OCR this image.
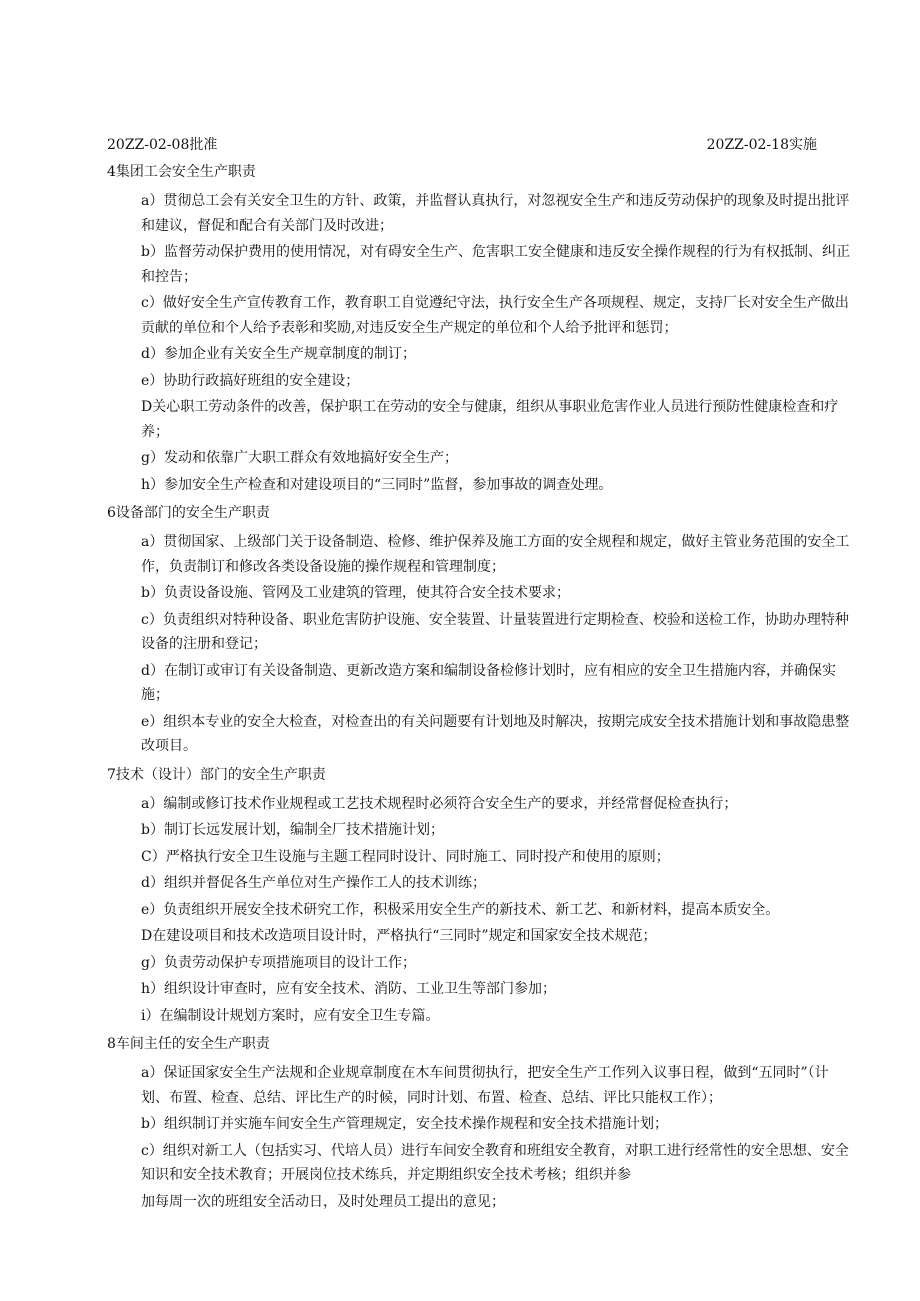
20ZZ-02-08批准	20ZZ-02-18实施
4集团工会安全生产职责
a）贯彻总工会有关安全卫生的方针、政策，并监督认真执行，对忽视安全生产和违反劳动保护的现象及时提出批评和建议，督促和配合有关部门及时改进；
b）监督劳动保护费用的使用情况，对有碍安全生产、危害职工安全健康和违反安全操作规程的行为有权抵制、纠正和控告；
c）做好安全生产宣传教育工作，教育职工自觉遵纪守法，执行安全生产各项规程、规定，支持厂长对安全生产做出贡献的单位和个人给予表彰和奖励,对违反安全生产规定的单位和个人给予批评和惩罚；
d）参加企业有关安全生产规章制度的制订；
e）协助行政搞好班组的安全建设；
D关心职工劳动条件的改善，保护职工在劳动的安全与健康，组织从事职业危害作业人员进行预防性健康检查和疗养；
g）发动和依靠广大职工群众有效地搞好安全生产；
h）参加安全生产检查和对建设项目的“三同时”监督，参加事故的调查处理。
6设备部门的安全生产职责
a）贯彻国家、上级部门关于设备制造、检修、维护保养及施工方面的安全规程和规定，做好主管业务范围的安全工作，负责制订和修改各类设备设施的操作规程和管理制度；
b）负责设备设施、管网及工业建筑的管理，使其符合安全技术要求；
c）负责组织对特种设备、职业危害防护设施、安全装置、计量装置进行定期检查、校验和送检工作，协助办理特种设备的注册和登记；
d）在制订或审订有关设备制造、更新改造方案和编制设备检修计划时，应有相应的安全卫生措施内容，并确保实施；
e）组织本专业的安全大检查，对检查出的有关问题要有计划地及时解决，按期完成安全技术措施计划和事故隐患整改项目。
7技术（设计）部门的安全生产职责
a）编制或修订技术作业规程或工艺技术规程时必须符合安全生产的要求，并经常督促检查执行；
b）制订长远发展计划，编制全厂技术措施计划；
C）严格执行安全卫生设施与主题工程同时设计、同时施工、同时投产和使用的原则；
d）组织并督促各生产单位对生产操作工人的技术训练；
e）负责组织开展安全技术研究工作，积极采用安全生产的新技术、新工艺、和新材料，提高本质安全。
D在建设项目和技术改造项目设计时，严格执行“三同时”规定和国家安全技术规范；
g）负责劳动保护专项措施项目的设计工作；
h）组织设计审查时，应有安全技术、消防、工业卫生等部门参加；
i）在编制设计规划方案时，应有安全卫生专篇。
8车间主任的安全生产职责
a）保证国家安全生产法规和企业规章制度在木车间贯彻执行，把安全生产工作列入议事日程，做到“五同时”（计划、布置、检查、总结、评比生产的时候，同时计划、布置、检查、总结、评比只能权工作）；
b）组织制订并实施车间安全生产管理规定，安全技术操作规程和安全技术措施计划；
c）组织对新工人（包括实习、代培人员）进行车间安全教育和班组安全教育，对职工进行经常性的安全思想、安全知识和安全技术教育；开展岗位技术练兵，并定期组织安全技术考核；组织并参
加每周一次的班组安全活动日，及时处理员工提出的意见；
